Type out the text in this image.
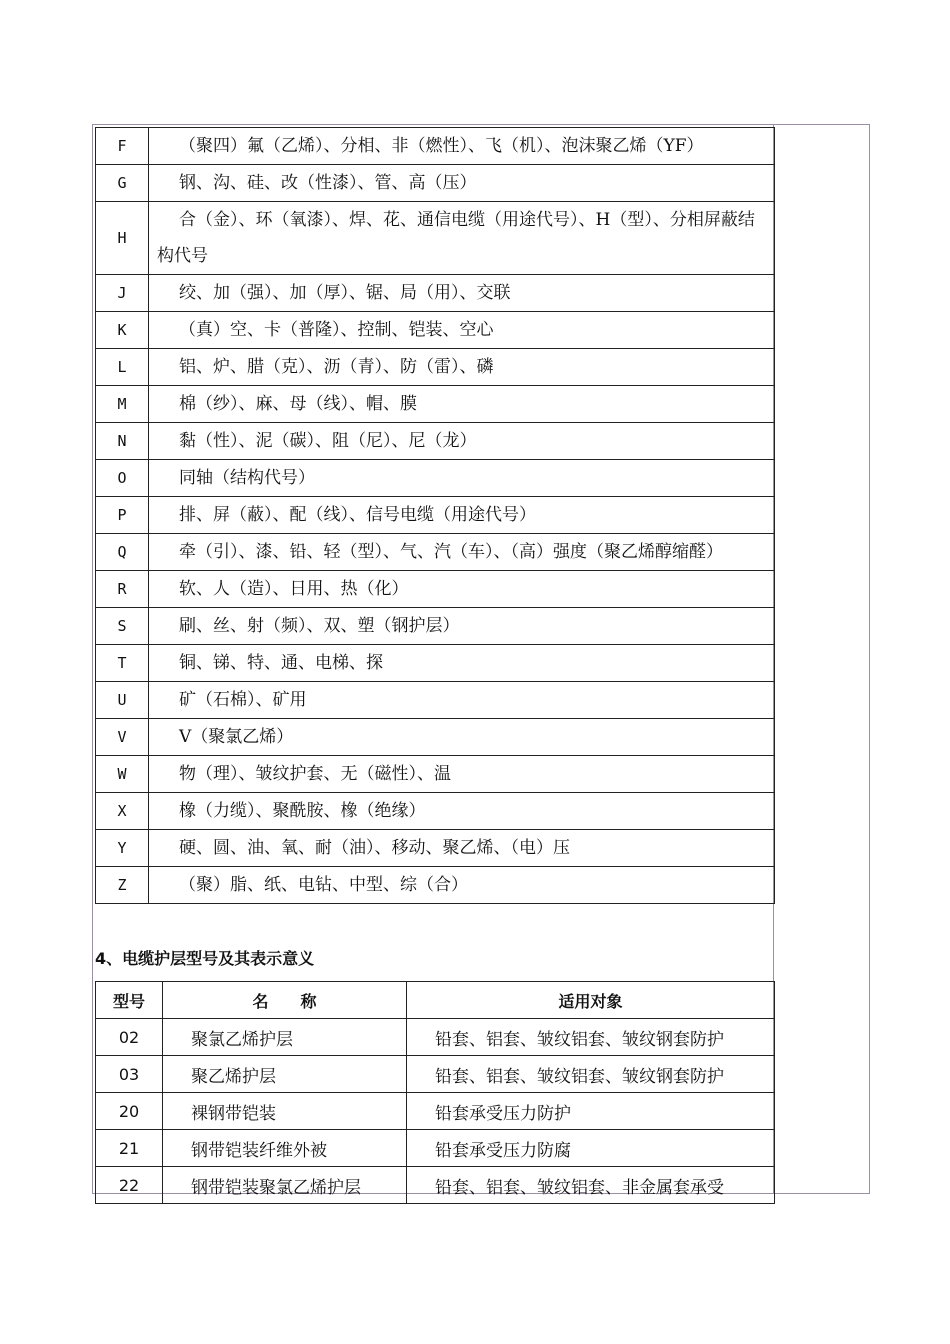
F	（聚四）氟（乙烯）、分相、非（燃性）、飞（机）、泡沫聚乙烯（YF）

G	钢、沟、硅、改（性漆）、管、高（压）

H	合（金）、环（氧漆）、焊、花、通信电缆（用途代号）、H（型）、分相屏蔽结构代号

J	绞、加（强）、加（厚）、锯、局（用）、交联

K	（真）空、卡（普隆）、控制、铠装、空心

L	铝、炉、腊（克）、沥（青）、防（雷）、磷

M	棉（纱）、麻、母（线）、帽、膜

N	黏（性）、泥（碳）、阻（尼）、尼（龙）

O	同轴（结构代号）

P	排、屏（蔽）、配（线）、信号电缆（用途代号）

Q	牵（引）、漆、铅、轻（型）、气、汽（车）、（高）强度（聚乙烯醇缩醛）

R	软、人（造）、日用、热（化）

S	刷、丝、射（频）、双、塑（钢护层）

T	铜、锑、特、通、电梯、探

U	矿（石棉）、矿用

V	V（聚氯乙烯）

W	物（理）、皱纹护套、无（磁性）、温

X	橡（力缆）、聚酰胺、橡（绝缘）

Y	硬、圆、油、氧、耐（油）、移动、聚乙烯、（电）压

Z	（聚）脂、纸、电钻、中型、综（合）
4、电缆护层型号及其表示意义
型号	名　　称	适用对象
02	聚氯乙烯护层	铅套、铝套、皱纹铝套、皱纹钢套防护
03	聚乙烯护层	铅套、铝套、皱纹铝套、皱纹钢套防护
20	裸钢带铠装	铅套承受压力防护
21	钢带铠装纤维外被	铅套承受压力防腐
22	钢带铠装聚氯乙烯护层	铅套、铝套、皱纹铝套、非金属套承受
